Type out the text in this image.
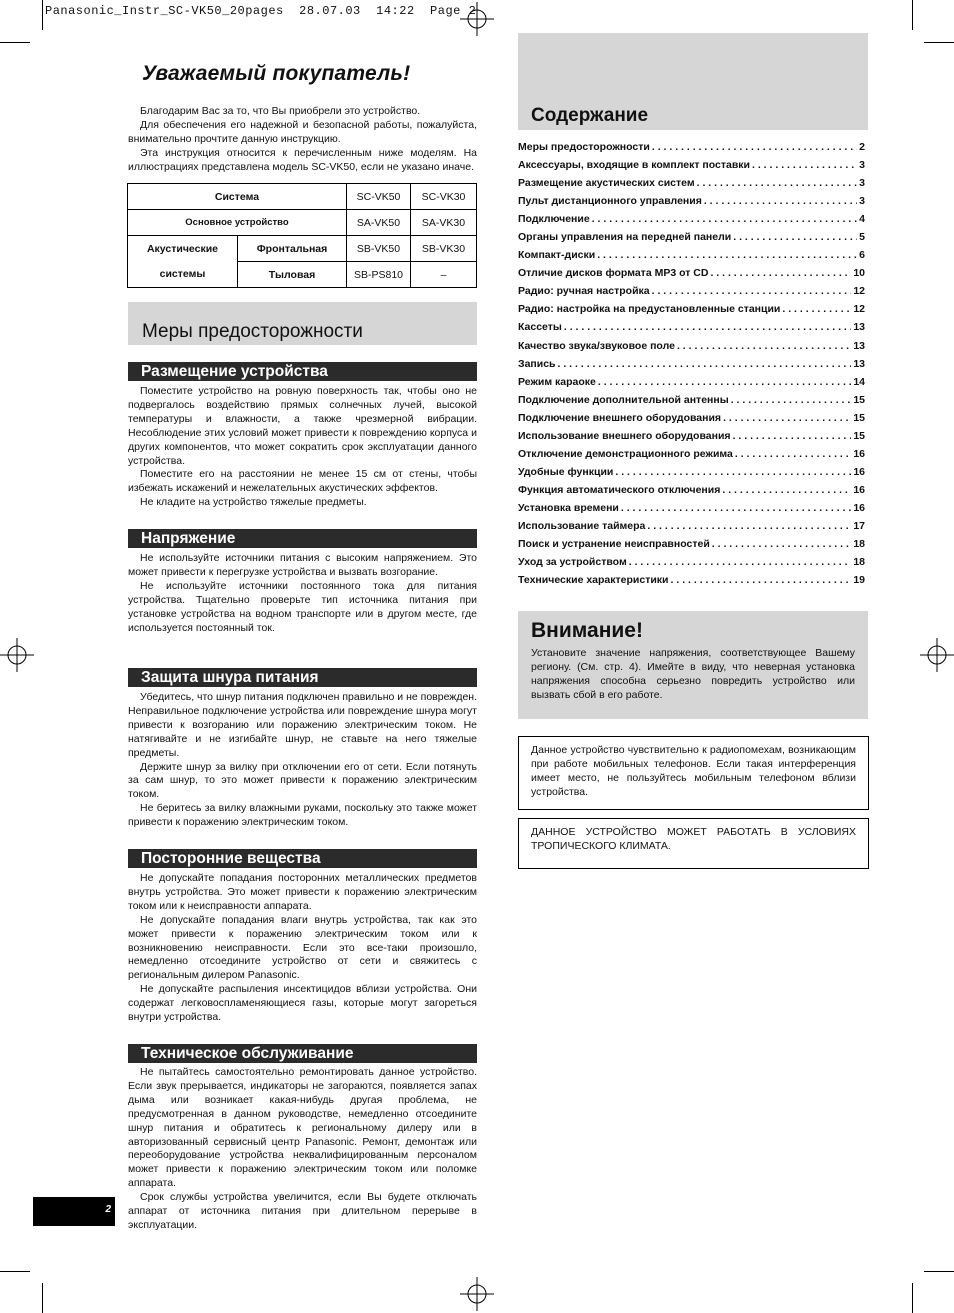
Panasonic_Instr_SC-VK50_20pages  28.07.03  14:22  Page 2
Уважаемый покупатель!

Благодарим Вас за то, что Вы приобрели это устройство.

Для обеспечения его надежной и безопасной работы, пожалуйста, внимательно прочтите данную инструкцию.

Эта инструкция относится к перечисленным ниже моделям. На иллюстрациях представлена модель SC-VK50, если не указано иначе.

Система		SC-VK50	SC-VK30
Основное устройство		SA-VK50	SA-VK30
Акустические	Фронтальная	SB-VK50	SB-VK30
системы	Тыловая	SB-PS810	–
Меры предосторожности
Размещение устройства

Поместите устройство на ровную поверхность так, чтобы оно не подвергалось воздействию прямых солнечных лучей, высокой температуры и влажности, а также чрезмерной вибрации. Несоблюдение этих условий может привести к повреждению корпуса и других компонентов, что может сократить срок эксплуатации данного устройства.

Поместите его на расстоянии не менее 15 см от стены, чтобы избежать искажений и нежелательных акустических эффектов.

Не кладите на устройство тяжелые предметы.

Напряжение

Не используйте источники питания с высоким напряжением. Это может привести к перегрузке устройства и вызвать возгорание.

Не используйте источники постоянного тока для питания устройства. Тщательно проверьте тип источника питания при установке устройства на водном транспорте или в другом месте, где используется постоянный ток.

Защита шнура питания

Убедитесь, что шнур питания подключен правильно и не поврежден. Неправильное подключение устройства или повреждение шнура могут привести к возгоранию или поражению электрическим током. Не натягивайте и не изгибайте шнур, не ставьте на него тяжелые предметы.

Держите шнур за вилку при отключении его от сети. Если потянуть за сам шнур, то это может привести к поражению электрическим током.

Не беритесь за вилку влажными руками, поскольку это также может привести к поражению электрическим током.

Посторонние вещества

Не допускайте попадания посторонних металлических предметов внутрь устройства. Это может привести к поражению электрическим током или к неисправности аппарата.

Не допускайте попадания влаги внутрь устройства, так как это может привести к поражению электрическим током или к возникновению неисправности. Если это все-таки произошло, немедленно отсоедините устройство от сети и свяжитесь с региональным дилером Panasonic.

Не допускайте распыления инсектицидов вблизи устройства. Они содержат легковоспламеняющиеся газы, которые могут загореться внутри устройства.

Техническое обслуживание

Не пытайтесь самостоятельно ремонтировать данное устройство. Если звук прерывается, индикаторы не загораются, появляется запах дыма или возникает какая-нибудь другая проблема, не предусмотренная в данном руководстве, немедленно отсоедините шнур питания и обратитесь к региональному дилеру или в авторизованный сервисный центр Panasonic. Ремонт, демонтаж или переоборудование устройства неквалифицированным персоналом может привести к поражению электрическим током или поломке аппарата.

Срок службы устройства увеличится, если Вы будете отключать аппарат от источника питания при длительном перерыве в эксплуатации.

2
Содержание
Меры предосторожности . . .	2
Аксессуары, входящие в комплект поставки . . .	3
Размещение акустических систем . . .	3
Пульт дистанционного управления . . .	3
Подключение . . .	4
Органы управления на передней панели . . .	5
Компакт-диски . . .	6
Отличие дисков формата MP3 от CD . . .	10
Радио: ручная настройка . . .	12
Радио: настройка на предустановленные станции . . .	12
Кассеты . . .	13
Качество звука/звуковое поле . . .	13
Запись . . .	13
Режим караоке . . .	14
Подключение дополнительной антенны . . .	15
Подключение внешнего оборудования . . .	15
Использование внешнего оборудования . . .	15
Отключение демонстрационного режима . . .	16
Удобные функции . . .	16
Функция автоматического отключения . . .	16
Установка времени . . .	16
Использование таймера . . .	17
Поиск и устранение неисправностей . . .	18
Уход за устройством . . .	18
Технические характеристики . . .	19
Внимание!
Установите значение напряжения, соответствующее Вашему региону. (См. стр. 4). Имейте в виду, что неверная установка напряжения способна серьезно повредить устройство или вызвать сбой в его работе.
Данное устройство чувствительно к радиопомехам, возникающим при работе мобильных телефонов. Если такая интерференция имеет место, не пользуйтесь мобильным телефоном вблизи устройства.
ДАННОЕ УСТРОЙСТВО МОЖЕТ РАБОТАТЬ В УСЛОВИЯХ ТРОПИЧЕСКОГО КЛИМАТА.
